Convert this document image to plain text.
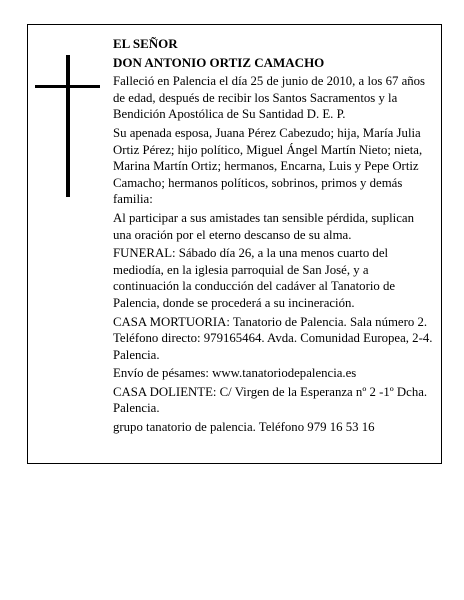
EL SEÑOR

DON ANTONIO ORTIZ CAMACHO

Falleció en Palencia el día 25 de junio de 2010, a los 67 años de edad, después de recibir los Santos Sacramentos y la Bendición Apostólica de Su Santidad D. E. P.

Su apenada esposa, Juana Pérez Cabezudo; hija, María Julia Ortiz Pérez; hijo político, Miguel Ángel Martín Nieto; nieta, Marina Martín Ortiz; hermanos, Encarna, Luis y Pepe Ortiz Camacho; hermanos políticos, sobrinos, primos y demás familia:

Al participar a sus amistades tan sensible pérdida, suplican una oración por el eterno descanso de su alma.

FUNERAL: Sábado día 26, a la una menos cuarto del mediodía, en la iglesia parroquial de San José, y a continuación la conducción del cadáver al Tanatorio de Palencia, donde se procederá a su incineración.

CASA MORTUORIA: Tanatorio de Palencia. Sala número 2. Teléfono directo: 979165464. Avda. Comunidad Europea, 2-4. Palencia.

Envío de pésames: www.tanatoriodepalencia.es

CASA DOLIENTE: C/ Virgen de la Esperanza nº 2 -1º Dcha. Palencia.

grupo tanatorio de palencia. Teléfono 979 16 53 16
